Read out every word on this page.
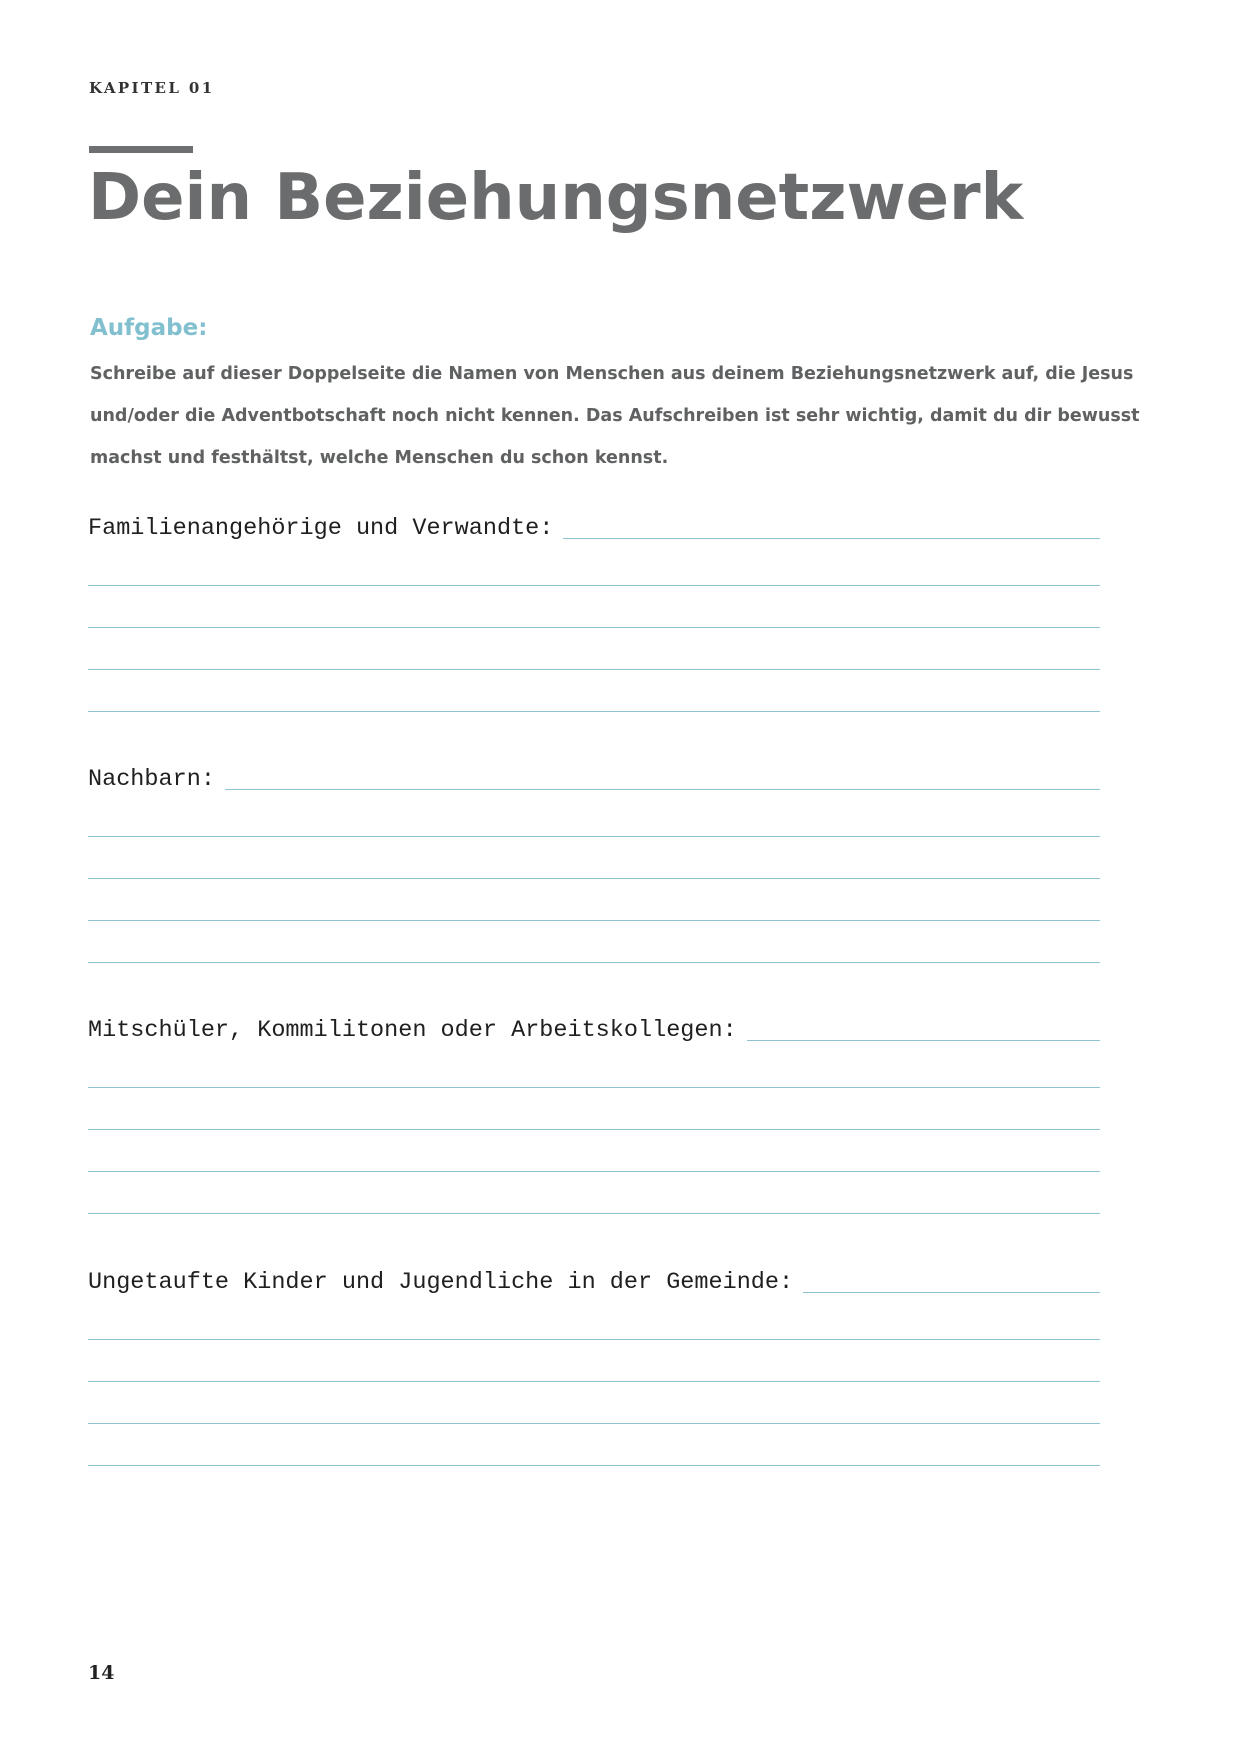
KAPITEL 01
Dein Beziehungsnetzwerk
Aufgabe:
Schreibe auf dieser Doppelseite die Namen von Menschen aus deinem Beziehungsnetzwerk auf, die Jesus
und/oder die Adventbotschaft noch nicht kennen. Das Aufschreiben ist sehr wichtig, damit du dir bewusst
machst und festhältst, welche Menschen du schon kennst.
Familienangehörige und Verwandte:
Nachbarn:
Mitschüler, Kommilitonen oder Arbeitskollegen:
Ungetaufte Kinder und Jugendliche in der Gemeinde:
14
